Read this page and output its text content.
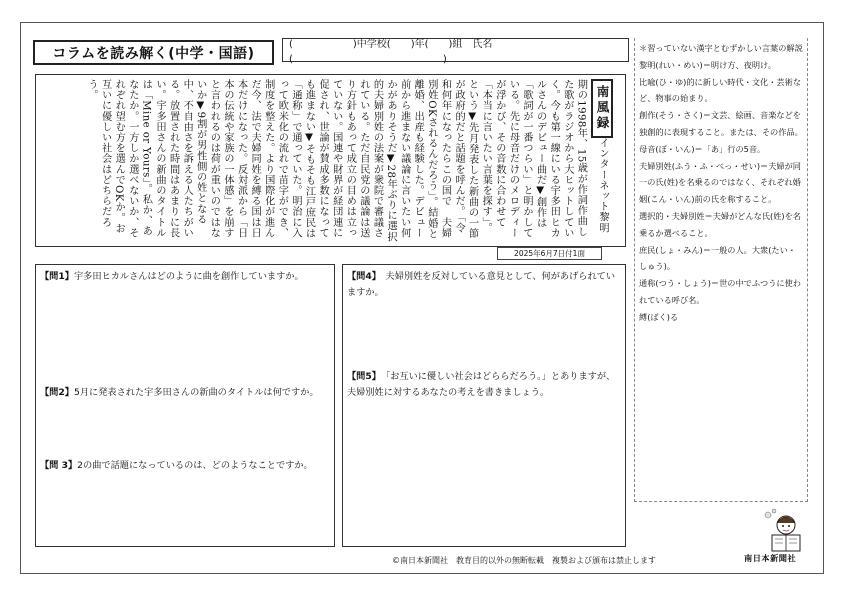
コラムを読み解く(中学・国語)
(　　　　　　)中学校(　　)年(　　)組　氏名(　　　　　　　　　　　　　　　)
南風録インターネット黎明期の1998年、15歳が作詞作曲した歌がラジオから大ヒットしていく。今も第一線にいる宇多田ヒカルさんのデビュー曲だ▼創作は「歌詞が一番つらい」と明かしている。先に母音だけのメロディーが浮かび、その音数に合わせて「本当に言いたい言葉を探す」。という▼先月発表した新曲の一節が政府的だと話題を呼んだ。「令和何年になったらこの国で　夫婦別姓OKされるんだろう」。結婚と離婚、出産も経験した。デビュー前から進まない議論に言いたい何かがありそうだ▼28年ぶりに選択的夫婦別姓の法案が衆院で審議されている。ただ自民党の議論は送り方針もあって成立の目めは立っていない。国連や財界が経団連に促され、世論が賛成多数になっても進まない▼そもそも江戸庶民は「通称」で通っていた。明治に入って欧米化の流れで苗字ができ、制度を整えた。より国際化が進んだ今、法で夫婦同姓を縛る国は日本だけになった。反対派から「日本の伝統や家族の一体感」を崩すと言われるのは荷が重いのではないか▼9割が男性側の姓となる中、不自由さを訴える人たちがいる。放置された時間はあまりに長い。宇多田さんの新曲のタイトルは「Mine or Yours」。私か、あなたか。一方しか選べないか、それぞれ望む方を選んでOKか。お互いに優しい社会はどちらだろう。
2025年6月7日付1面
【問1】宇多田ヒカルさんはどのように曲を創作していますか。
【問2】5月に発表された宇多田さんの新曲のタイトルは何ですか。
【問 3】2の曲で話題になっているのは、どのようなことですか。
【問4】　夫婦別姓を反対している意見として、何があげられていますか。
【問5】　「お互いに優しい社会はどららだろう。」とありますが、夫婦別姓に対するあなたの考えを書きましょう。
＊習っていない漢字とむずかしい言葉の解説
黎明(れい・めい)＝明け方、夜明け。
比喩(ひ・ゆ)的に新しい時代・文化・芸術など、物事の始まり。
創作(そう・さく)＝文芸、絵画、音楽などを独創的に表現すること。または、その作品。
母音(ぼ・いん)＝「あ」行の5音。
夫婦別姓(ふう・ふ・べっ・せい)＝夫婦が同一の氏(姓)を名乗るのではなく、それぞれ婚姻(こん・いん)前の氏を称すること。
選択的・夫婦別姓＝夫婦がどんな氏(姓)を名乗るか選べること。
庶民(しょ・みん)＝一般の人。大衆(たい・しゅう)。
通称(つう・しょう)＝世の中でふつうに使われている呼び名。
縛(ばく)る
©南日本新聞社　教育目的以外の無断転載　複製および頒布は禁止します	南日本新聞社
